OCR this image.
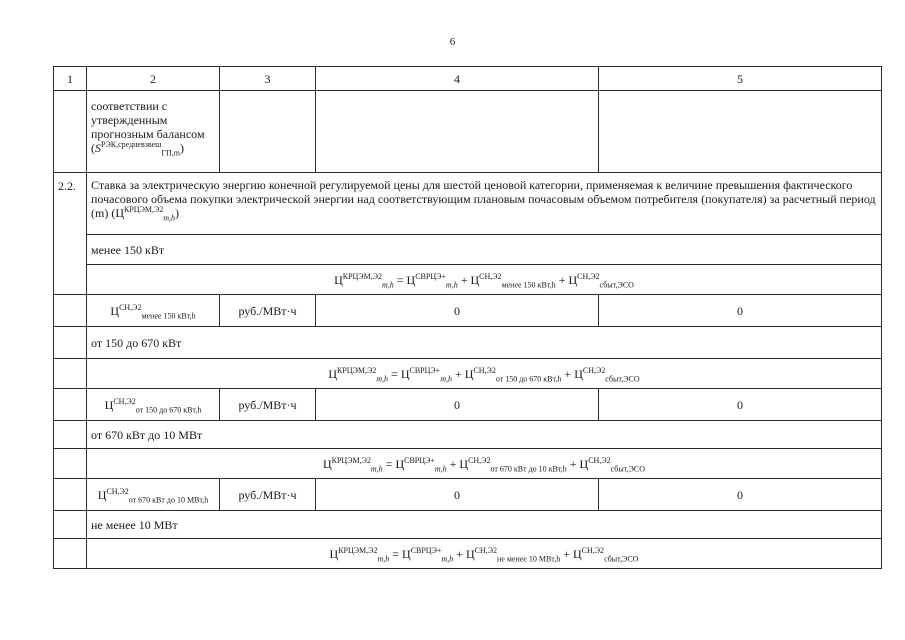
6
1	2	3	4	5
	соответствии с утвержденным прогнозным балансом $(S^{РЭК,средневзвеш}_{ГП,m})$			
2.2.	Ставка за электрическую энергию конечной регулируемой цены для шестой ценовой категории, применяемая к величине превышения фактического почасового объема покупки электрической энергии над соответствующим плановым почасовым объемом потребителя (покупателя) за расчетный период (m) $(Ц^{КРЦЭМ,Э2}_{m,h})$			
	менее 150 кВт			
	$Ц^{КРЦЭМ,Э2}_{m,h} = Ц^{СВРЦЭ+}_{m,h} + Ц^{СН,Э2}_{менее 150 кВт,h} + Ц^{СН,Э2}_{сбыт,ЭСО}$
	$Ц^{СН,Э2}_{менее 150 кВт,h}$	руб./МВт·ч	0	0
	от 150 до 670 кВт			
	$Ц^{КРЦЭМ,Э2}_{m,h} = Ц^{СВРЦЭ+}_{m,h} + Ц^{СН,Э2}_{от 150 до 670 кВт,h} + Ц^{СН,Э2}_{сбыт,ЭСО}$
	$Ц^{СН,Э2}_{от 150 до 670 кВт,h}$	руб./МВт·ч	0	0
	от 670 кВт до 10 МВт			
	$Ц^{КРЦЭМ,Э2}_{m,h} = Ц^{СВРЦЭ+}_{m,h} + Ц^{СН,Э2}_{от 670 кВт до 10 кВт,h} + Ц^{СН,Э2}_{сбыт,ЭСО}$
	$Ц^{СН,Э2}_{от 670 кВт до 10 МВт,h}$	руб./МВт·ч	0	0
	не менее 10 МВт			
	$Ц^{КРЦЭМ,Э2}_{m,h} = Ц^{СВРЦЭ+}_{m,h} + Ц^{СН,Э2}_{не менее 10 МВт,h} + Ц^{СН,Э2}_{сбыт,ЭСО}$
